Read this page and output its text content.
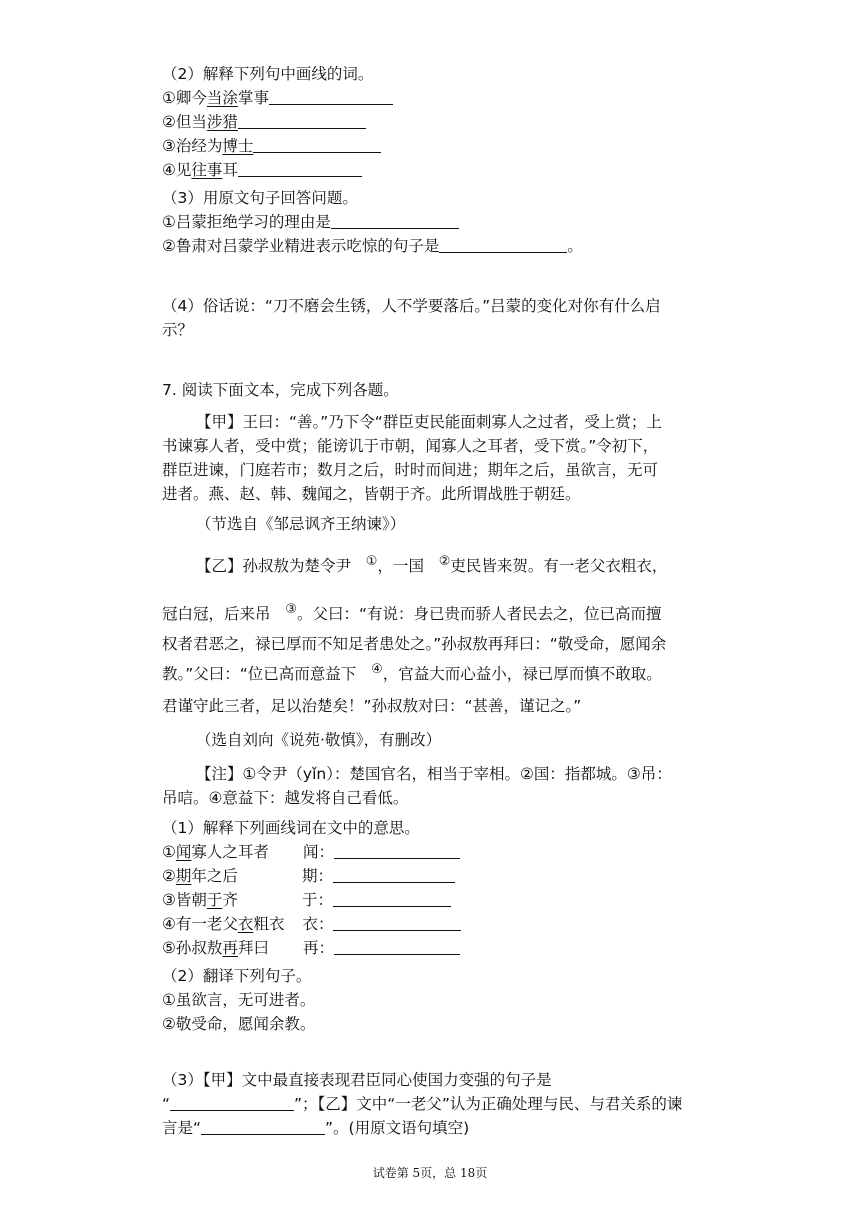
（2）解释下列句中画线的词。
①卿今当涂掌事
②但当涉猎
③治经为博士
④见往事耳
（3）用原文句子回答问题。
①吕蒙拒绝学习的理由是
②鲁肃对吕蒙学业精进表示吃惊的句子是	。
（4）俗话说：“刀不磨会生锈，人不学要落后。”吕蒙的变化对你有什么启
示？
7. 阅读下面文本，完成下列各题。
【甲】王曰：“善。”乃下令“群臣吏民能面刺寡人之过者，受上赏；上
书谏寡人者，受中赏；能谤讥于市朝，闻寡人之耳者，受下赏。”令初下，
群臣进谏，门庭若市；数月之后，时时而间进；期年之后，虽欲言，无可
进者。燕、赵、韩、魏闻之，皆朝于齐。此所谓战胜于朝廷。
（节选自《邹忌讽齐王纳谏》）
【乙】孙叔敖为楚令尹 ①，一国 ②吏民皆来贺。有一老父衣粗衣，
冠白冠，后来吊 ③。父曰：“有说：身已贵而骄人者民去之，位已高而擅
权者君恶之，禄已厚而不知足者患处之。”孙叔敖再拜曰：“敬受命，愿闻余
教。”父曰：“位已高而意益下 ④，官益大而心益小，禄已厚而慎不敢取。
君谨守此三者，足以治楚矣！”孙叔敖对曰：“甚善，谨记之。”
（选自刘向《说苑·敬慎》，有删改）
【注】①令尹（yǐn）：楚国官名，相当于宰相。②国：指都城。③吊：
吊唁。④意益下：越发将自己看低。
（1）解释下列画线词在文中的意思。
①闻寡人之耳者 闻：
②期年之后	期：
③皆朝于齐	于：
④有一老父衣粗衣 衣：
⑤孙叔敖再拜曰 再：
（2）翻译下列句子。
①虽欲言，无可进者。
②敬受命，愿闻余教。
（3）【甲】文中最直接表现君臣同心使国力变强的句子是
“	”；【乙】文中“一老父”认为正确处理与民、与君关系的谏
言是“	”。(用原文语句填空)
试卷第 5页，总 18页
